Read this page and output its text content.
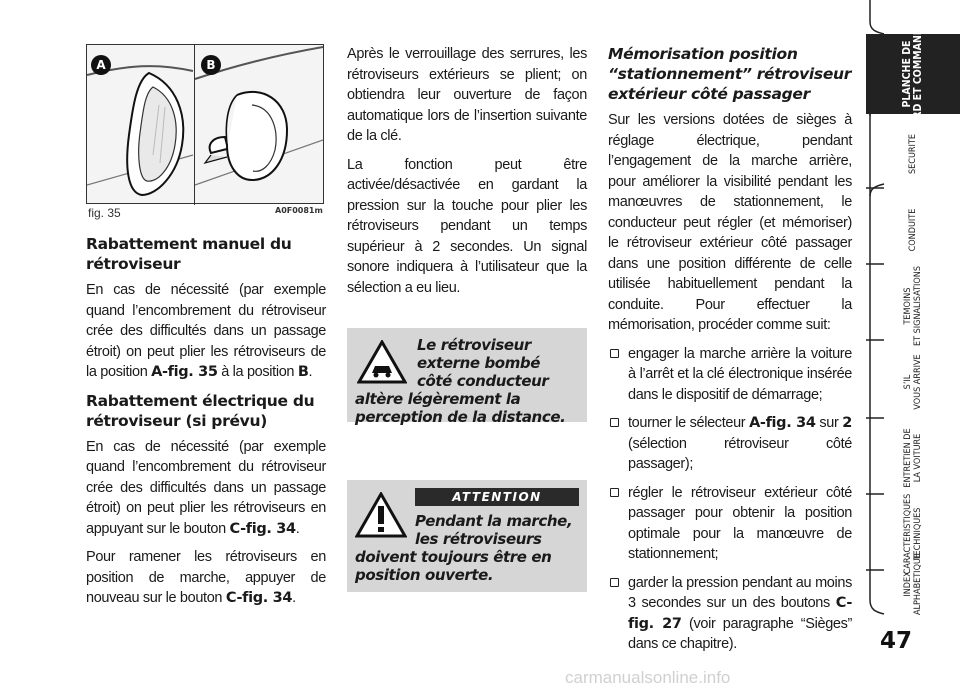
A	B
fig. 35	A0F0081m
Rabattement manuel du rétroviseur

En cas de nécessité (par exemple quand l’encombrement du rétroviseur crée des difficultés dans un passage étroit) on peut plier les rétroviseurs de la position A-fig. 35 à la position B.

Rabattement électrique du rétroviseur (si prévu)

En cas de nécessité (par exemple quand l’encombrement du rétroviseur crée des difficultés dans un passage étroit) on peut plier les rétroviseurs en appuyant sur le bouton C-fig. 34.

Pour ramener les rétroviseurs en position de marche, appuyer de nouveau sur le bouton C-fig. 34.

Après le verrouillage des serrures, les rétroviseurs extérieurs se plient; on obtiendra leur ouverture de façon automatique lors de l’insertion suivante de la clé.

La fonction peut être activée/désactivée en gardant la pression sur la touche pour plier les rétroviseurs pendant un temps supérieur à 2 secondes. Un signal sonore indiquera à l’utilisateur que la sélection a eu lieu.

Le rétroviseur externe bombé côté conducteur altère légèrement la perception de la distance.
ATTENTION
Pendant la marche, les rétroviseurs doivent toujours être en position ouverte.
Mémorisation position “stationnement” rétroviseur extérieur côté passager

Sur les versions dotées de sièges à réglage électrique, pendant l’engagement de la marche arrière, pour améliorer la visibilité pendant les manœuvres de stationnement, le conducteur peut régler (et mémoriser) le rétroviseur extérieur côté passager dans une position différente de celle utilisée habituellement pendant la conduite. Pour effectuer la mémorisation, procéder comme suit:

engager la marche arrière la voiture à l’arrêt et la clé électronique insérée dans le dispositif de démarrage;
tourner le sélecteur A-fig. 34 sur 2 (sélection rétroviseur côté passager);
régler le rétroviseur extérieur côté passager pour obtenir la position optimale pour la manœuvre de stationnement;
garder la pression pendant au moins 3 secondes sur un des boutons C-fig. 27 (voir paragraphe “Sièges” dans ce chapitre).
PLANCHE DE
BORD ET COMMANDES
SECURITE
CONDUITE
TEMOINS
ET SIGNALISATIONS
S’IL
VOUS ARRIVE
ENTRETIEN DE
LA VOITURE
CARACTERISTIQUES
TECHNIQUES
INDEX
ALPHABETIQUE
47
carmanualsonline.info
